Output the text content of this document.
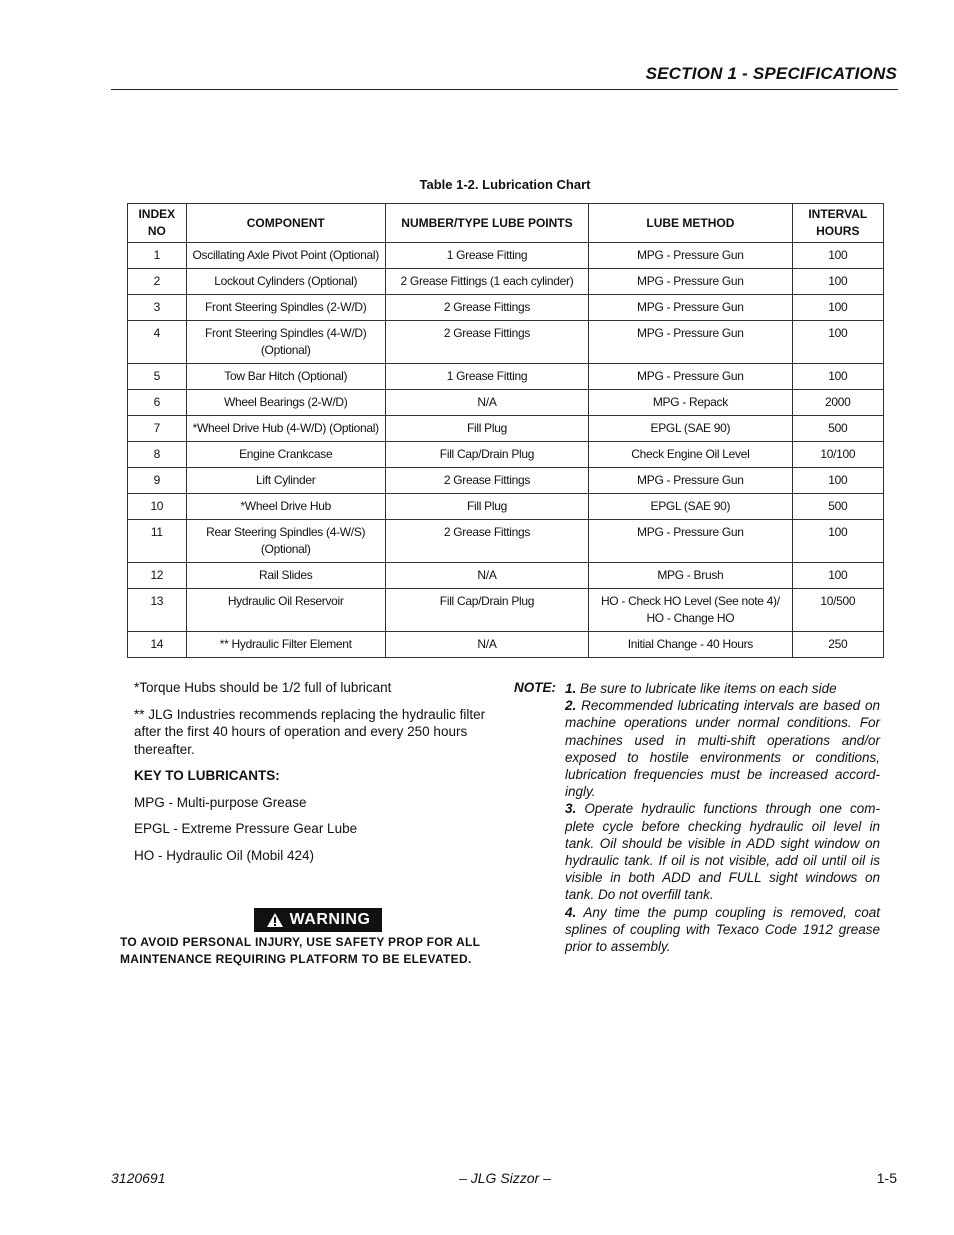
SECTION 1 - SPECIFICATIONS
Table 1-2. Lubrication Chart
INDEX NO	COMPONENT	NUMBER/TYPE LUBE POINTS	LUBE METHOD	INTERVAL HOURS
1	Oscillating Axle Pivot Point (Optional)	1 Grease Fitting	MPG - Pressure Gun	100
2	Lockout Cylinders (Optional)	2 Grease Fittings (1 each cylinder)	MPG - Pressure Gun	100
3	Front Steering Spindles (2-W/D)	2 Grease Fittings	MPG - Pressure Gun	100
4	Front Steering Spindles (4-W/D) (Optional)	2 Grease Fittings	MPG - Pressure Gun	100
5	Tow Bar Hitch (Optional)	1 Grease Fitting	MPG - Pressure Gun	100
6	Wheel Bearings (2-W/D)	N/A	MPG - Repack	2000
7	*Wheel Drive Hub (4-W/D) (Optional)	Fill Plug	EPGL (SAE 90)	500
8	Engine Crankcase	Fill Cap/Drain Plug	Check Engine Oil Level	10/100
9	Lift Cylinder	2 Grease Fittings	MPG - Pressure Gun	100
10	*Wheel Drive Hub	Fill Plug	EPGL (SAE 90)	500
11	Rear Steering Spindles (4-W/S) (Optional)	2 Grease Fittings	MPG - Pressure Gun	100
12	Rail Slides	N/A	MPG - Brush	100
13	Hydraulic Oil Reservoir	Fill Cap/Drain Plug	HO - Check HO Level (See note 4)/ HO - Change HO	10/500
14	** Hydraulic Filter Element	N/A	Initial Change - 40 Hours	250

*Torque Hubs should be 1/2 full of lubricant

** JLG Industries recommends replacing the hydraulic filter after the first 40 hours of operation and every 250 hours thereafter.

KEY TO LUBRICANTS:

MPG - Multi-purpose Grease

EPGL - Extreme Pressure Gear Lube

HO - Hydraulic Oil (Mobil 424)

WARNING
TO AVOID PERSONAL INJURY, USE SAFETY PROP FOR ALL MAINTENANCE REQUIRING PLATFORM TO BE ELEVATED.
NOTE: 1. Be sure to lubricate like items on each side

2. Recommended lubricating intervals are based on machine operations under normal conditions. For machines used in multi-shift operations and/or exposed to hostile environments or conditions, lubrication frequencies must be increased accord-ingly.

3. Operate hydraulic functions through one com-plete cycle before checking hydraulic oil level in tank. Oil should be visible in ADD sight window on hydraulic tank. If oil is not visible, add oil until oil is visible in both ADD and FULL sight windows on tank. Do not overfill tank.

4. Any time the pump coupling is removed, coat splines of coupling with Texaco Code 1912 grease prior to assembly.

3120691	– JLG Sizzor –	1-5
